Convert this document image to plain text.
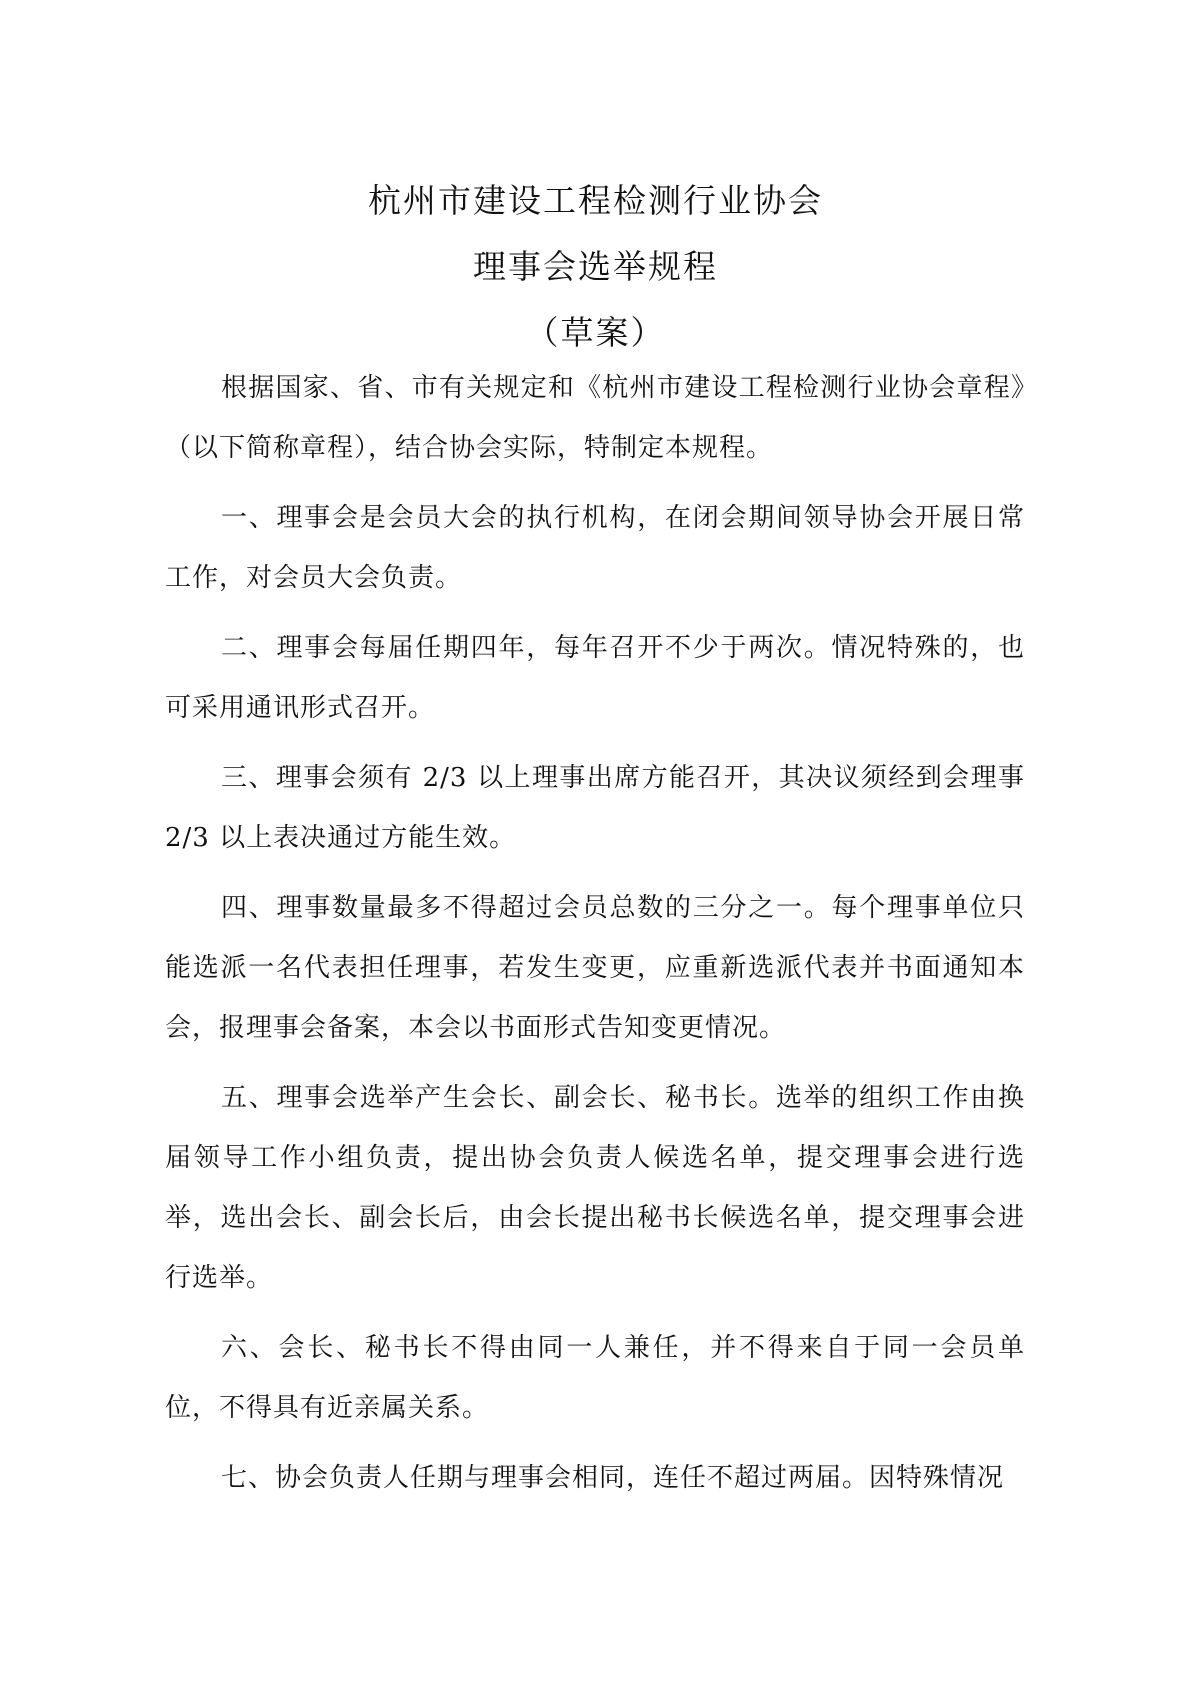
杭州市建设工程检测行业协会
理事会选举规程
（草案）

根据国家、省、市有关规定和《杭州市建设工程检测行业协会章程》（以下简称章程），结合协会实际，特制定本规程。

一、理事会是会员大会的执行机构，在闭会期间领导协会开展日常工作，对会员大会负责。

二、理事会每届任期四年，每年召开不少于两次。情况特殊的，也可采用通讯形式召开。

三、理事会须有 2/3 以上理事出席方能召开，其决议须经到会理事 2/3 以上表决通过方能生效。

四、理事数量最多不得超过会员总数的三分之一。每个理事单位只能选派一名代表担任理事，若发生变更，应重新选派代表并书面通知本会，报理事会备案，本会以书面形式告知变更情况。

五、理事会选举产生会长、副会长、秘书长。选举的组织工作由换届领导工作小组负责，提出协会负责人候选名单，提交理事会进行选举，选出会长、副会长后，由会长提出秘书长候选名单，提交理事会进行选举。

六、会长、秘书长不得由同一人兼任，并不得来自于同一会员单位，不得具有近亲属关系。

七、协会负责人任期与理事会相同，连任不超过两届。因特殊情况
